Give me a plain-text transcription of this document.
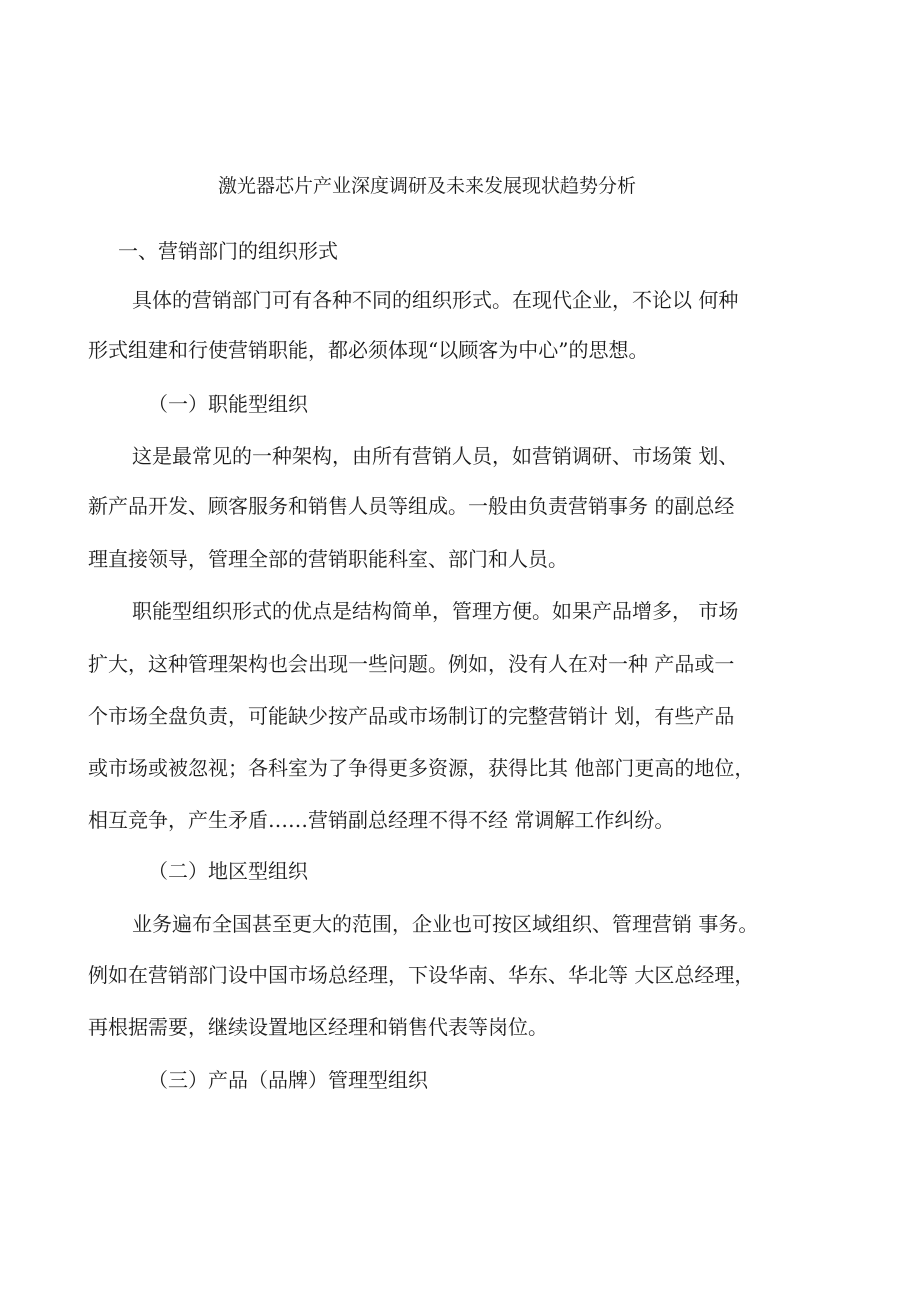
激光器芯片产业深度调研及未来发展现状趋势分析
一、营销部门的组织形式
具体的营销部门可有各种不同的组织形式。在现代企业，不论以 何种
形式组建和行使营销职能，都必须体现“以顾客为中心”的思想。
（一）职能型组织
这是最常见的一种架构，由所有营销人员，如营销调研、市场策 划、
新产品开发、顾客服务和销售人员等组成。一般由负责营销事务 的副总经
理直接领导，管理全部的营销职能科室、部门和人员。
职能型组织形式的优点是结构简单，管理方便。如果产品增多， 市场
扩大，这种管理架构也会出现一些问题。例如，没有人在对一种 产品或一
个市场全盘负责，可能缺少按产品或市场制订的完整营销计 划，有些产品
或市场或被忽视；各科室为了争得更多资源，获得比其 他部门更高的地位，
相互竞争，产生矛盾……营销副总经理不得不经 常调解工作纠纷。
（二）地区型组织
业务遍布全国甚至更大的范围，企业也可按区域组织、管理营销 事务。
例如在营销部门设中国市场总经理，下设华南、华东、华北等 大区总经理，
再根据需要，继续设置地区经理和销售代表等岗位。
（三）产品（品牌）管理型组织
